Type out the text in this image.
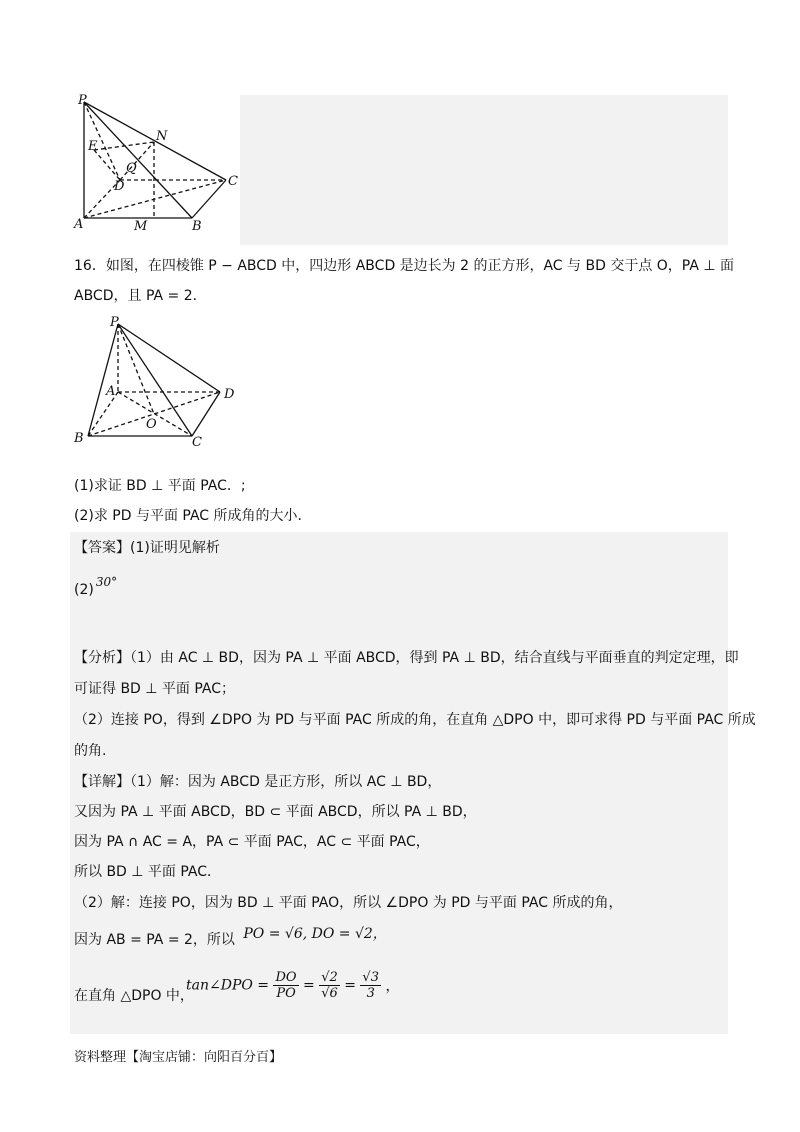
P
N
E
Q
D	C
A	M	B
16．如图，在四棱锥 P − ABCD 中，四边形 ABCD 是边长为 2 的正方形，AC 与 BD 交于点 O，PA ⊥ 面
ABCD，且 PA = 2．
P
A	D
O
B	C
(1)求证 BD ⊥ 平面 PAC．;
(2)求 PD 与平面 PAC 所成角的大小．
【答案】(1)证明见解析
(2) 30°
【分析】（1）由 AC ⊥ BD，因为 PA ⊥ 平面 ABCD，得到 PA ⊥ BD，结合直线与平面垂直的判定定理，即
可证得 BD ⊥ 平面 PAC；
（2）连接 PO，得到 ∠DPO 为 PD 与平面 PAC 所成的角，在直角 △DPO 中，即可求得 PD 与平面 PAC 所成
的角.
【详解】（1）解：因为 ABCD 是正方形，所以 AC ⊥ BD，
又因为 PA ⊥ 平面 ABCD，BD ⊂ 平面 ABCD，所以 PA ⊥ BD，
因为 PA ∩ AC = A，PA ⊂ 平面 PAC，AC ⊂ 平面 PAC，
所以 BD ⊥ 平面 PAC．
（2）解：连接 PO，因为 BD ⊥ 平面 PAO，所以 ∠DPO 为 PD 与平面 PAC 所成的角，
因为 AB = PA = 2，所以 PO = √6, DO = √2，
在直角 △DPO 中，
tan∠DPO = $\frac{DO}{PO} = \frac{√2}{√6} = \frac{√3}{3}$ ，
资料整理【淘宝店铺：向阳百分百】
